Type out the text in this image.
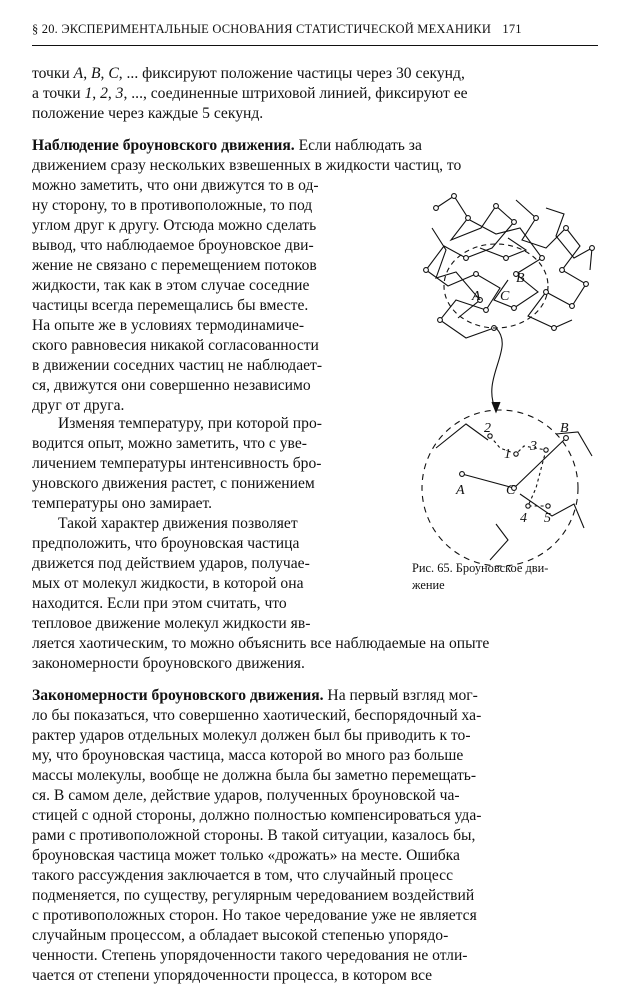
§ 20. ЭКСПЕРИМЕНТАЛЬНЫЕ ОСНОВАНИЯ СТАТИСТИЧЕСКОЙ МЕХАНИКИ 171

точки A, B, C, ... фиксируют положение частицы через 30 секунд,
а точки 1, 2, 3, ..., соединенные штриховой линией, фиксируют ее
положение через каждые 5 секунд.

Наблюдение броуновского движения. Если наблюдать за
движением сразу нескольких взвешенных в жидкости частиц, то

можно заметить, что они движутся то в од-
ну сторону, то в противоположные, то под
углом друг к другу. Отсюда можно сделать
вывод, что наблюдаемое броуновское дви-
жение не связано с перемещением потоков
жидкости, так как в этом случае соседние
частицы всегда перемещались бы вместе.
На опыте же в условиях термодинамиче-
ского равновесия никакой согласованности
в движении соседних частиц не наблюдает-
ся, движутся они совершенно независимо
друг от друга.

Изменяя температуру, при которой про-
водится опыт, можно заметить, что с уве-
личением температуры интенсивность бро-
уновского движения растет, с понижением
температуры оно замирает.

Такой характер движения позволяет
предположить, что броуновская частица
движется под действием ударов, получае-
мых от молекул жидкости, в которой она
находится. Если при этом считать, что
тепловое движение молекул жидкости яв-

ляется хаотическим, то можно объяснить все наблюдаемые на опыте
закономерности броуновского движения.

Закономерности броуновского движения. На первый взгляд мог-
ло бы показаться, что совершенно хаотический, беспорядочный ха-
рактер ударов отдельных молекул должен был бы приводить к то-
му, что броуновская частица, масса которой во много раз больше
массы молекулы, вообще не должна была бы заметно перемещать-
ся. В самом деле, действие ударов, полученных броуновской ча-
стицей с одной стороны, должно полностью компенсироваться уда-
рами с противоположной стороны. В такой ситуации, казалось бы,
броуновская частица может только «дрожать» на месте. Ошибка
такого рассуждения заключается в том, что случайный процесс
подменяется, по существу, регулярным чередованием воздействий
с противоположных сторон. Но такое чередование уже не является
случайным процессом, а обладает высокой степенью упорядо-
ченности. Степень упорядоченности такого чередования не отли-
чается от степени упорядоченности процесса, в котором все

A C
B
A	C
B
2
1
3
4 5
Рис. 65. Броуновское дви-
жение
